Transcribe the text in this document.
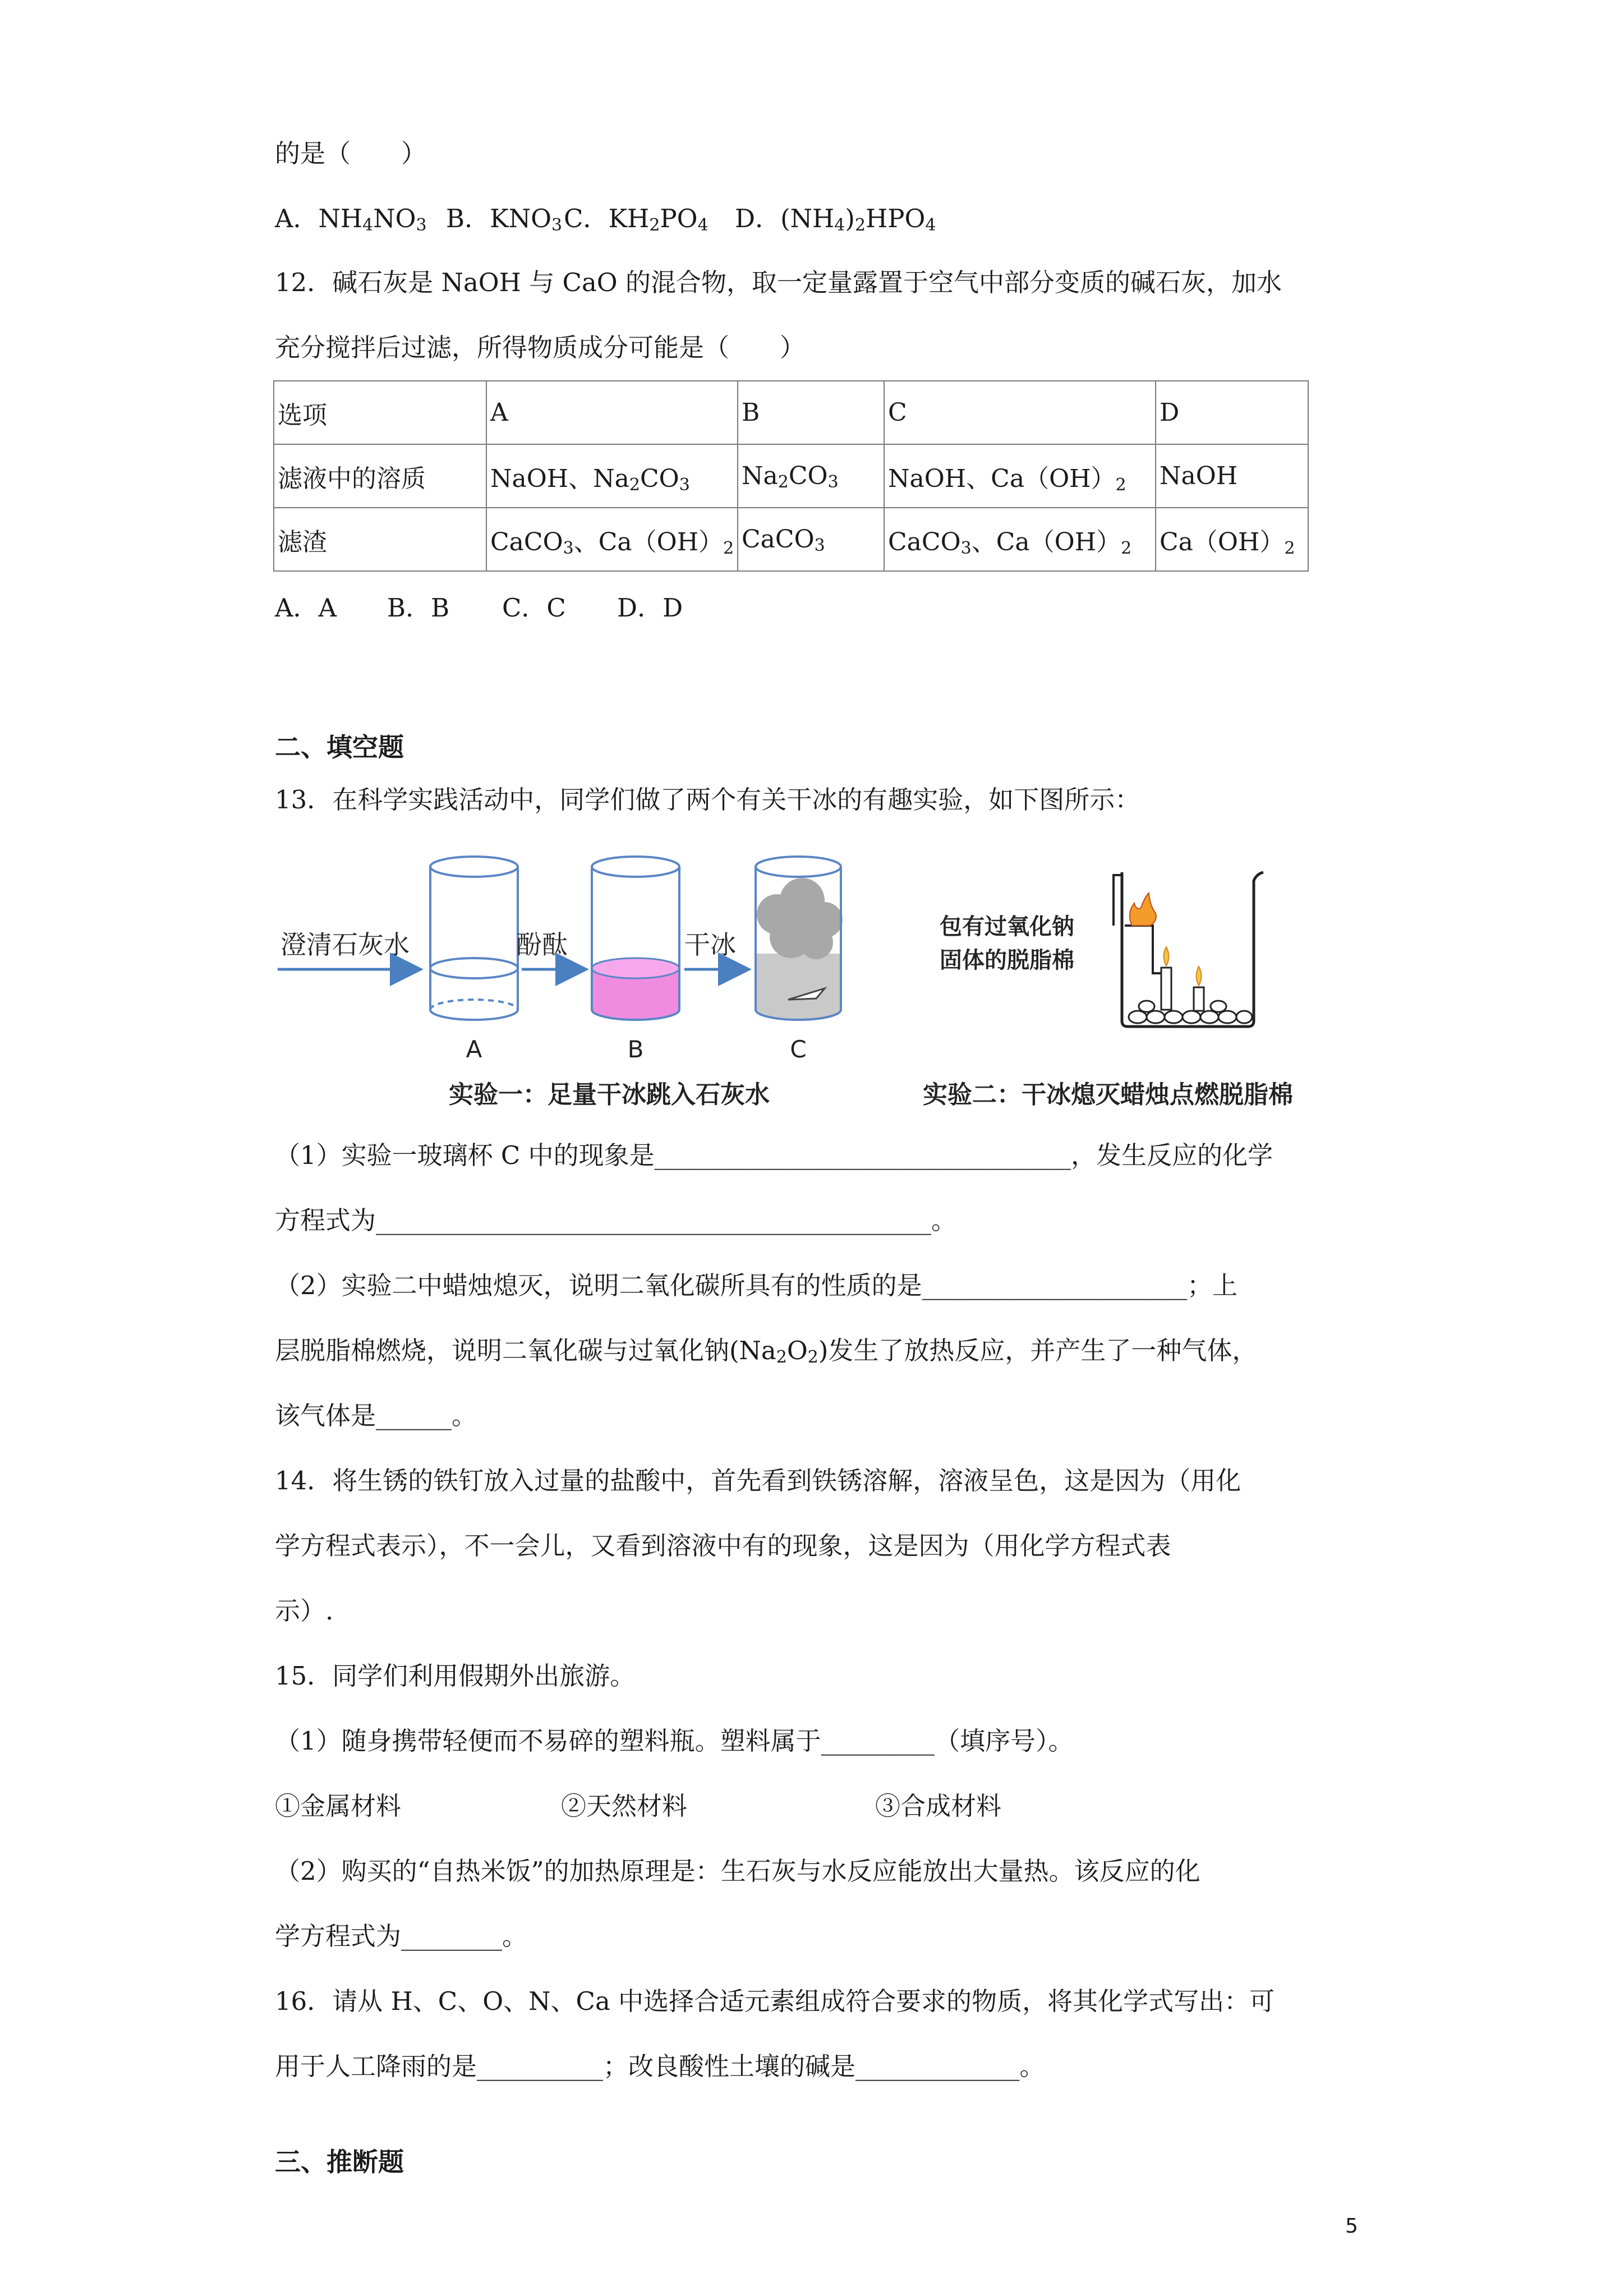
的是（　　）
A．$NH_4NO_3$ B．$KNO_3$ C．$KH_2PO_4$ D．$(NH_4)_2HPO_4$
12．碱石灰是 NaOH 与 CaO 的混合物，取一定量露置于空气中部分变质的碱石灰，加水
充分搅拌后过滤，所得物质成分可能是（　　）
选项	A	B	C	D
滤液中的溶质	NaOH、$Na_2CO_3$	$Na_2CO_3$	NaOH、$Ca(OH)_2$	NaOH
滤渣	CaCO$_3$、$Ca(OH)_2$	CaCO$_3$	CaCO$_3$、$Ca(OH)_2$	$Ca(OH)_2$
A．A B．B C．C D．D
二、填空题
13．在科学实践活动中，同学们做了两个有关干冰的有趣实验，如下图所示：
澄清石灰水	酚酞	干冰
A	B	C
实验一：足量干冰跳入石灰水
包有过氧化钠
固体的脱脂棉
实验二：干冰熄灭蜡烛点燃脱脂棉
（1）实验一玻璃杯 C 中的现象是_________________________________，发生反应的化学
方程式为____________________________________________。
（2）实验二中蜡烛熄灭，说明二氧化碳所具有的性质的是_____________________；上
层脱脂棉燃烧，说明二氧化碳与过氧化钠$(Na_2O_2)$发生了放热反应，并产生了一种气体，
该气体是______。
14．将生锈的铁钉放入过量的盐酸中，首先看到铁锈溶解，溶液呈色，这是因为（用化
学方程式表示），不一会儿，又看到溶液中有的现象，这是因为（用化学方程式表
示）.
15．同学们利用假期外出旅游。
（1）随身携带轻便而不易碎的塑料瓶。塑料属于_________（填序号）。
①金属材料	②天然材料	③合成材料
（2）购买的“自热米饭”的加热原理是：生石灰与水反应能放出大量热。该反应的化
学方程式为________。
16．请从 H、C、O、N、Ca 中选择合适元素组成符合要求的物质，将其化学式写出：可
用于人工降雨的是__________；改良酸性土壤的碱是_____________。
三、推断题
5
